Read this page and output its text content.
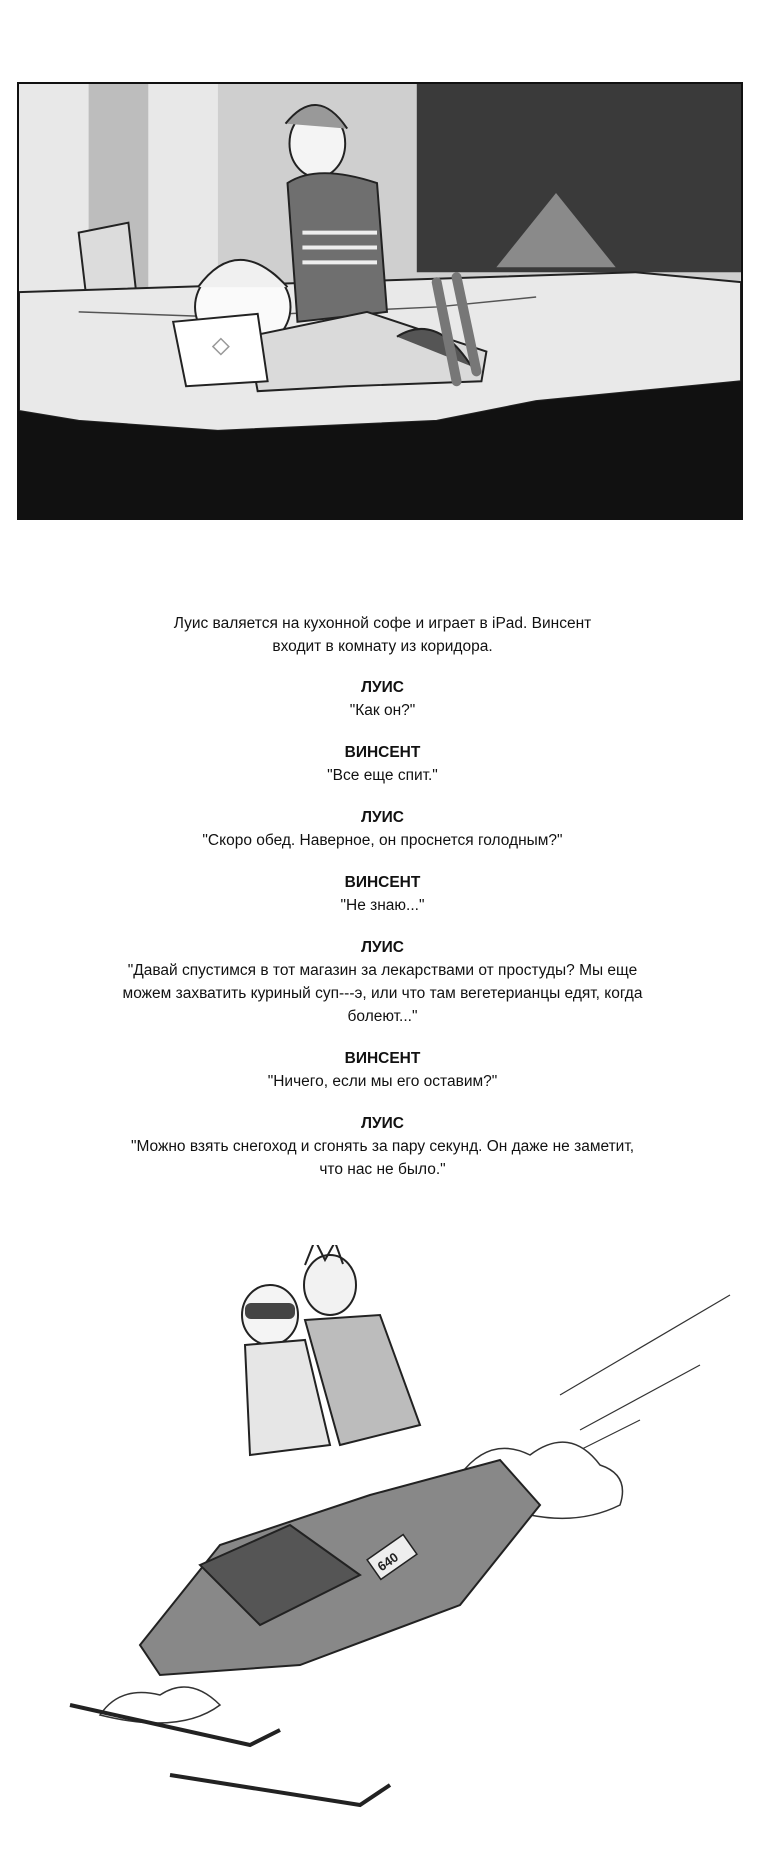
Луис валяется на кухонной софе и играет в iPad. Винсент входит в комнату из коридора.

ЛУИС
"Как он?"
ВИНСЕНТ
"Все еще спит."
ЛУИС
"Скоро обед. Наверное, он проснется голодным?"
ВИНСЕНТ
"Не знаю..."
ЛУИС
"Давай спустимся в тот магазин за лекарствами от простуды? Мы еще можем захватить куриный суп---э, или что там вегетерианцы едят, когда болеют..."
ВИНСЕНТ
"Ничего, если мы его оставим?"
ЛУИС
"Можно взять снегоход и сгонять за пару секунд. Он даже не заметит, что нас не было."
640
